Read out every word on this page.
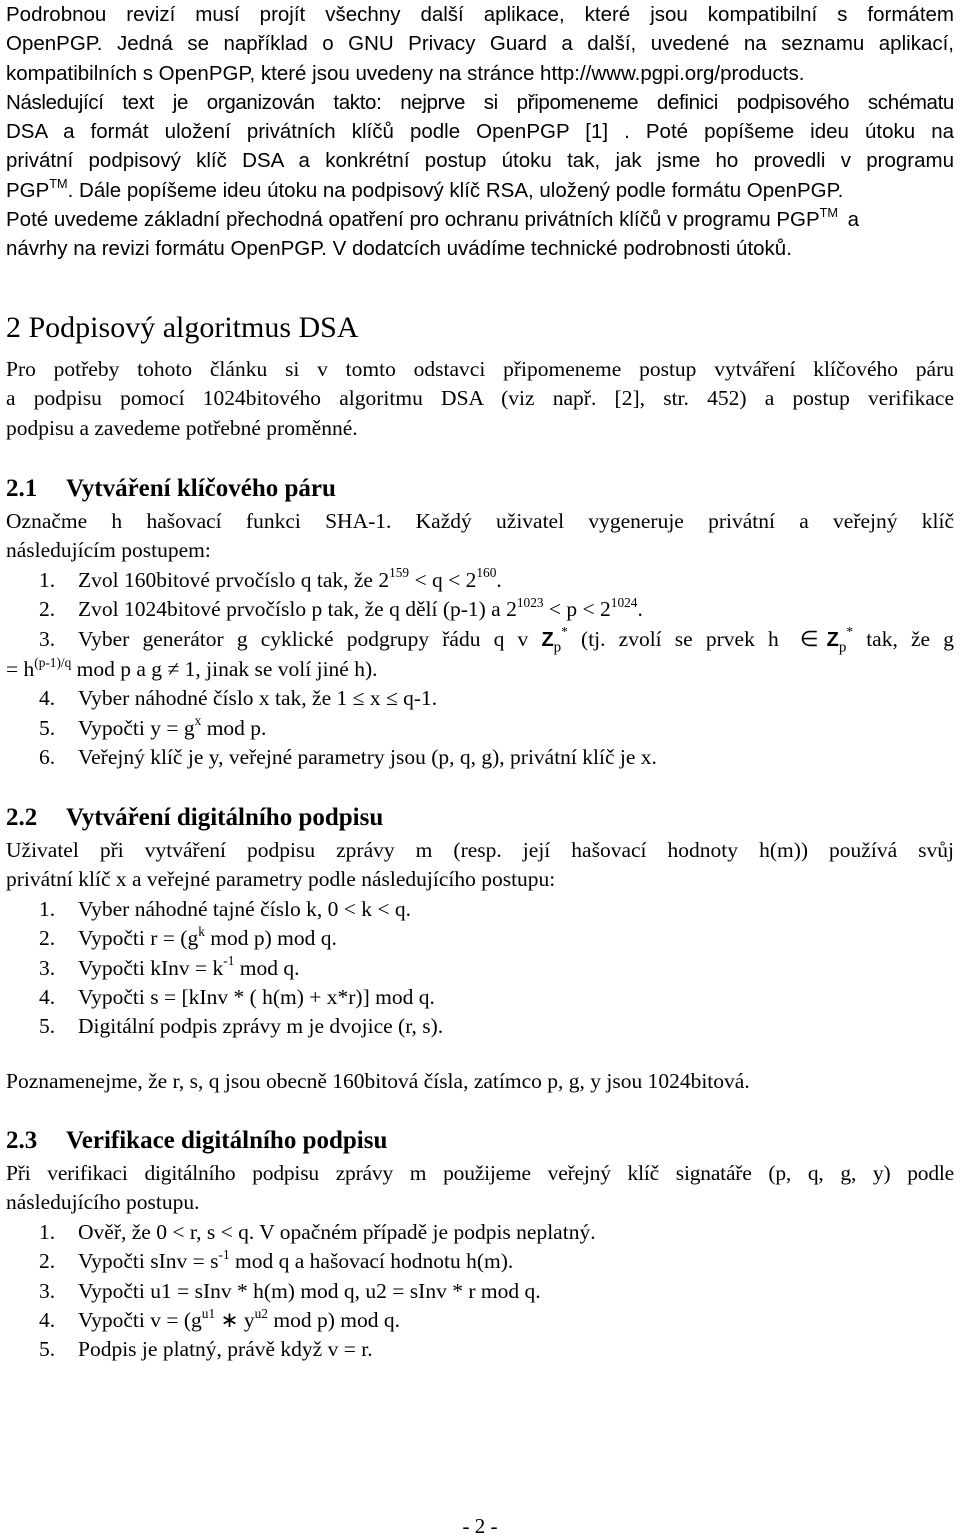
Podrobnou revizí musí projít všechny další aplikace, které jsou kompatibilní s formátem
OpenPGP. Jedná se například o GNU Privacy Guard a další, uvedené na seznamu aplikací,
kompatibilních s OpenPGP, které jsou uvedeny na stránce http://www.pgpi.org/products.
Následující text je organizován takto: nejprve si připomeneme definici podpisového schématu
DSA a formát uložení privátních klíčů podle OpenPGP [1] . Poté popíšeme ideu útoku na
privátní podpisový klíč DSA a konkrétní postup útoku tak, jak jsme ho provedli v programu
PGP™. Dále popíšeme ideu útoku na podpisový klíč RSA, uložený podle formátu OpenPGP.
Poté uvedeme základní přechodná opatření pro ochranu privátních klíčů v programu PGP™ a
návrhy na revizi formátu OpenPGP. V dodatcích uvádíme technické podrobnosti útoků.
2 Podpisový algoritmus DSA
Pro potřeby tohoto článku si v tomto odstavci připomeneme postup vytváření klíčového páru
a podpisu pomocí 1024bitového algoritmu DSA (viz např. [2], str. 452) a postup verifikace
podpisu a zavedeme potřebné proměnné.
2.1 Vytváření klíčového páru
Označme h hašovací funkci SHA-1. Každý uživatel vygeneruje privátní a veřejný klíč
následujícím postupem:
1. Zvol 160bitové prvočíslo q tak, že $2^{159} < q < 2^{160}$.
2. Zvol 1024bitové prvočíslo p tak, že q dělí (p-1) a $2^{1023} < p < 2^{1024}$.
3. Vyber generátor g cyklické podgrupy řádu q v $Z_p^*$ (tj. zvolí se prvek h ∈ $Z_p^*$ tak, že g
= $h^{(p-1)/q}$ mod p a g ≠ 1, jinak se volí jiné h).
4. Vyber náhodné číslo x tak, že 1 ≤ x ≤ q-1.
5. Vypočti $y = g^x$ mod p.
6. Veřejný klíč je y, veřejné parametry jsou (p, q, g), privátní klíč je x.
2.2 Vytváření digitálního podpisu
Uživatel při vytváření podpisu zprávy m (resp. její hašovací hodnoty h(m)) používá svůj
privátní klíč x a veřejné parametry podle následujícího postupu:
1. Vyber náhodné tajné číslo k, 0 < k < q.
2. Vypočti $r = (g^k$ mod p) mod q.
3. Vypočti kInv = $k^{-1}$ mod q.
4. Vypočti s = [kInv * ( h(m) + x*r)] mod q.
5. Digitální podpis zprávy m je dvojice (r, s).
Poznamenejme, že r, s, q jsou obecně 160bitová čísla, zatímco p, g, y jsou 1024bitová.
2.3 Verifikace digitálního podpisu
Při verifikaci digitálního podpisu zprávy m použijeme veřejný klíč signatáře (p, q, g, y) podle
následujícího postupu.
1. Ověř, že 0 < r, s < q. V opačném případě je podpis neplatný.
2. Vypočti sInv = $s^{-1}$ mod q a hašovací hodnotu h(m).
3. Vypočti u1 = sInv * h(m) mod q, u2 = sInv * r mod q.
4. Vypočti $v = (g^{u1}$ ∗ $y^{u2}$ mod p) mod q.
5. Podpis je platný, právě když v = r.
- 2 -
